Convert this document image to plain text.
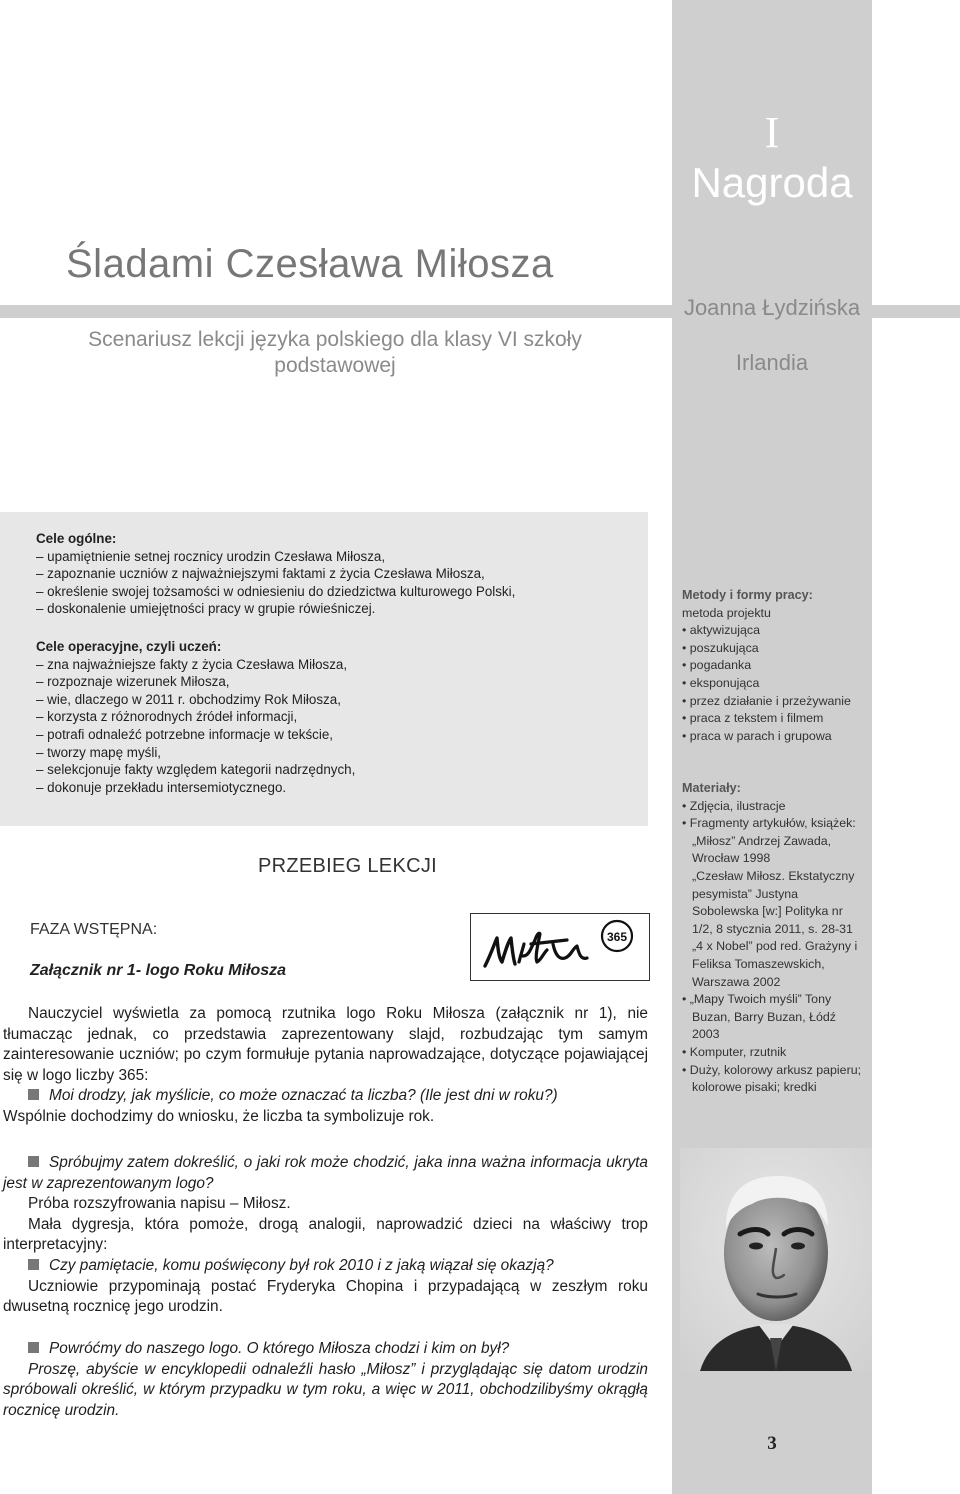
I
Nagroda
Śladami Czesława Miłosza
Scenariusz lekcji języka polskiego dla klasy VI szkoły podstawowej
Joanna Łydzińska
Irlandia
Cele ogólne:
– upamiętnienie setnej rocznicy urodzin Czesława Miłosza,
– zapoznanie uczniów z najważniejszymi faktami z życia Czesława Miłosza,
– określenie swojej tożsamości w odniesieniu do dziedzictwa kulturowego Polski,
– doskonalenie umiejętności pracy w grupie rówieśniczej.
Cele operacyjne, czyli uczeń:
– zna najważniejsze fakty z życia Czesława Miłosza,
– rozpoznaje wizerunek Miłosza,
– wie, dlaczego w 2011 r. obchodzimy Rok Miłosza,
– korzysta z różnorodnych źródeł informacji,
– potrafi odnaleźć potrzebne informacje w tekście,
– tworzy mapę myśli,
– selekcjonuje fakty względem kategorii nadrzędnych,
– dokonuje przekładu intersemiotycznego.
Metody i formy pracy:
metoda projektu
• aktywizująca
• poszukująca
• pogadanka
• eksponująca
• przez działanie i przeżywanie
• praca z tekstem i filmem
• praca w parach i grupowa
Materiały:
• Zdjęcia, ilustracje
• Fragmenty artykułów, książek:
„Miłosz” Andrzej Zawada, Wrocław 1998
„Czesław Miłosz. Ekstatyczny pesymista” Justyna Sobolewska [w:] Polityka nr 1/2, 8 stycznia 2011, s. 28-31
„4 x Nobel” pod red. Grażyny i Feliksa Tomaszewskich, Warszawa 2002
• „Mapy Twoich myśli” Tony Buzan, Barry Buzan, Łódź 2003
• Komputer, rzutnik
• Duży, kolorowy arkusz papieru; kolorowe pisaki; kredki
PRZEBIEG LEKCJI
FAZA WSTĘPNA:
Załącznik nr 1- logo Roku Miłosza
365

Nauczyciel wyświetla za pomocą rzutnika logo Roku Miłosza (załącznik nr 1), nie tłumacząc jednak, co przedstawia zaprezentowany slajd, rozbudzając tym samym zainteresowanie uczniów; po czym formułuje pytania naprowadzające, dotyczące pojawiającej się w logo liczby 365:

Moi drodzy, jak myślicie, co może oznaczać ta liczba? (Ile jest dni w roku?)

Wspólnie dochodzimy do wniosku, że liczba ta symbolizuje rok.

Spróbujmy zatem dokreślić, o jaki rok może chodzić, jaka inna ważna informacja ukryta jest w zaprezentowanym logo?

Próba rozszyfrowania napisu – Miłosz.

Mała dygresja, która pomoże, drogą analogii, naprowadzić dzieci na właściwy trop interpretacyjny:

Czy pamiętacie, komu poświęcony był rok 2010 i z jaką wiązał się okazją?

Uczniowie przypominają postać Fryderyka Chopina i przypadającą w zeszłym roku dwusetną rocznicę jego urodzin.

Powróćmy do naszego logo. O którego Miłosza chodzi i kim on był?

Proszę, abyście w encyklopedii odnaleźli hasło „Miłosz” i przyglądając się datom urodzin spróbowali określić, w którym przypadku w tym roku, a więc w 2011, obchodzilibyśmy okrągłą rocznicę urodzin.

3
